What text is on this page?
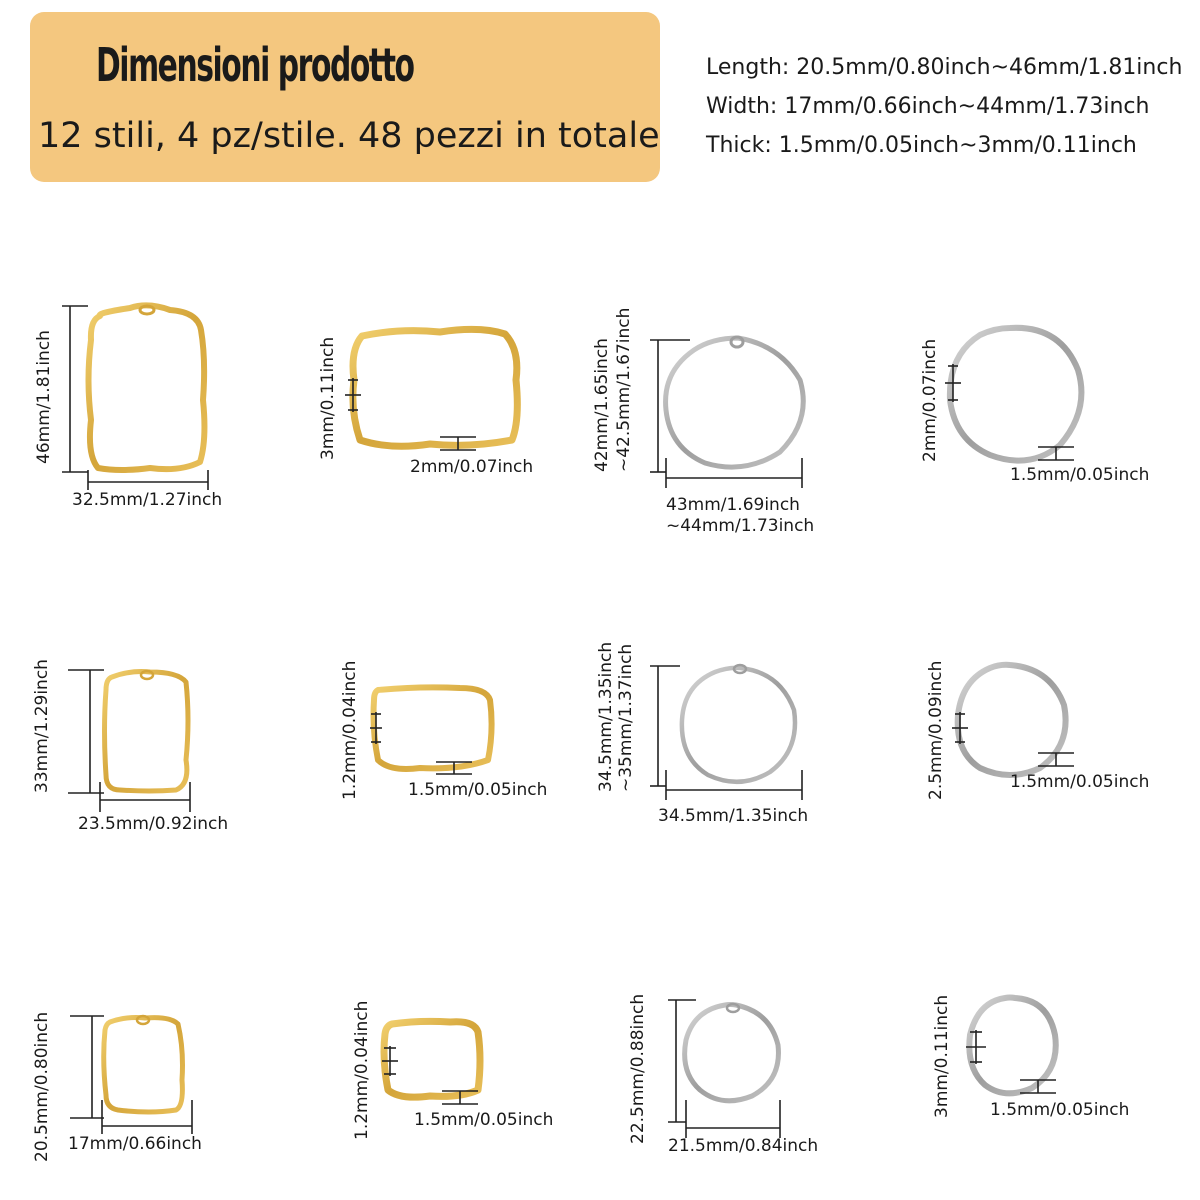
Dimensioni prodotto
12 stili, 4 pz/stile. 48 pezzi in totale
Length: 20.5mm/0.80inch~46mm/1.81inch
Width: 17mm/0.66inch~44mm/1.73inch
Thick: 1.5mm/0.05inch~3mm/0.11inch
46mm/1.81inch
32.5mm/1.27inch
3mm/0.11inch
2mm/0.07inch	42mm/1.65inch ~42.5mm/1.67inch
43mm/1.69inch
~44mm/1.73inch
2mm/0.07inch
1.5mm/0.05inch
33mm/1.29inch
23.5mm/0.92inch
1.2mm/0.04inch	1.5mm/0.05inch	34.5mm/1.35inch ~35mm/1.37inch
34.5mm/1.35inch
2.5mm/0.09inch	1.5mm/0.05inch
20.5mm/0.80inch 17mm/0.66inch
1.2mm/0.04inch 1.5mm/0.05inch	22.5mm/0.88inch
21.5mm/0.84inch
3mm/0.11inch 1.5mm/0.05inch
